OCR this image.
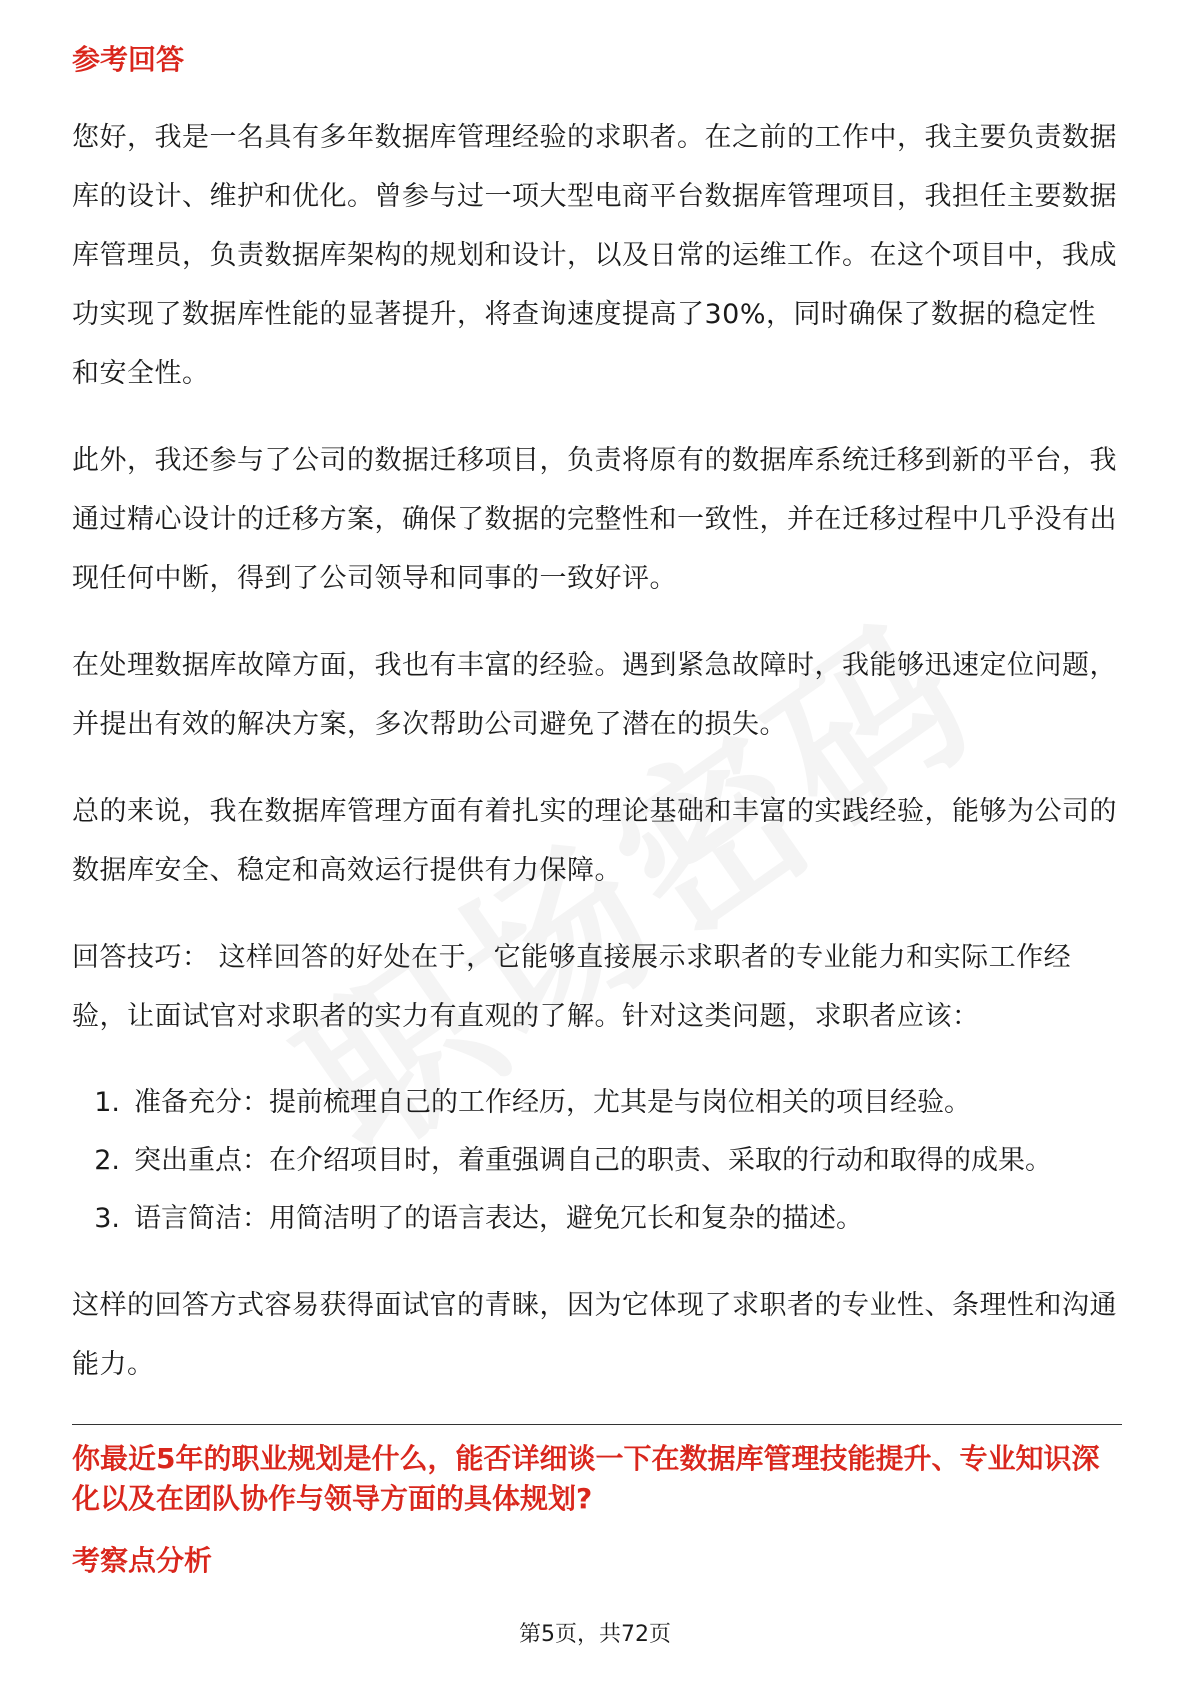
参考回答

您好，我是一名具有多年数据库管理经验的求职者。在之前的工作中，我主要负责数据库的设计、维护和优化。曾参与过一项大型电商平台数据库管理项目，我担任主要数据库管理员，负责数据库架构的规划和设计，以及日常的运维工作。在这个项目中，我成功实现了数据库性能的显著提升，将查询速度提高了30%，同时确保了数据的稳定性和安全性。

此外，我还参与了公司的数据迁移项目，负责将原有的数据库系统迁移到新的平台，我通过精心设计的迁移方案，确保了数据的完整性和一致性，并在迁移过程中几乎没有出现任何中断，得到了公司领导和同事的一致好评。

在处理数据库故障方面，我也有丰富的经验。遇到紧急故障时，我能够迅速定位问题，并提出有效的解决方案，多次帮助公司避免了潜在的损失。

总的来说，我在数据库管理方面有着扎实的理论基础和丰富的实践经验，能够为公司的数据库安全、稳定和高效运行提供有力保障。

回答技巧： 这样回答的好处在于，它能够直接展示求职者的专业能力和实际工作经验，让面试官对求职者的实力有直观的了解。针对这类问题，求职者应该：

1. 准备充分：提前梳理自己的工作经历，尤其是与岗位相关的项目经验。
2. 突出重点：在介绍项目时，着重强调自己的职责、采取的行动和取得的成果。
3. 语言简洁：用简洁明了的语言表达，避免冗长和复杂的描述。

这样的回答方式容易获得面试官的青睐，因为它体现了求职者的专业性、条理性和沟通能力。

你最近5年的职业规划是什么，能否详细谈一下在数据库管理技能提升、专业知识深化以及在团队协作与领导方面的具体规划?

考察点分析

第5页，共72页
